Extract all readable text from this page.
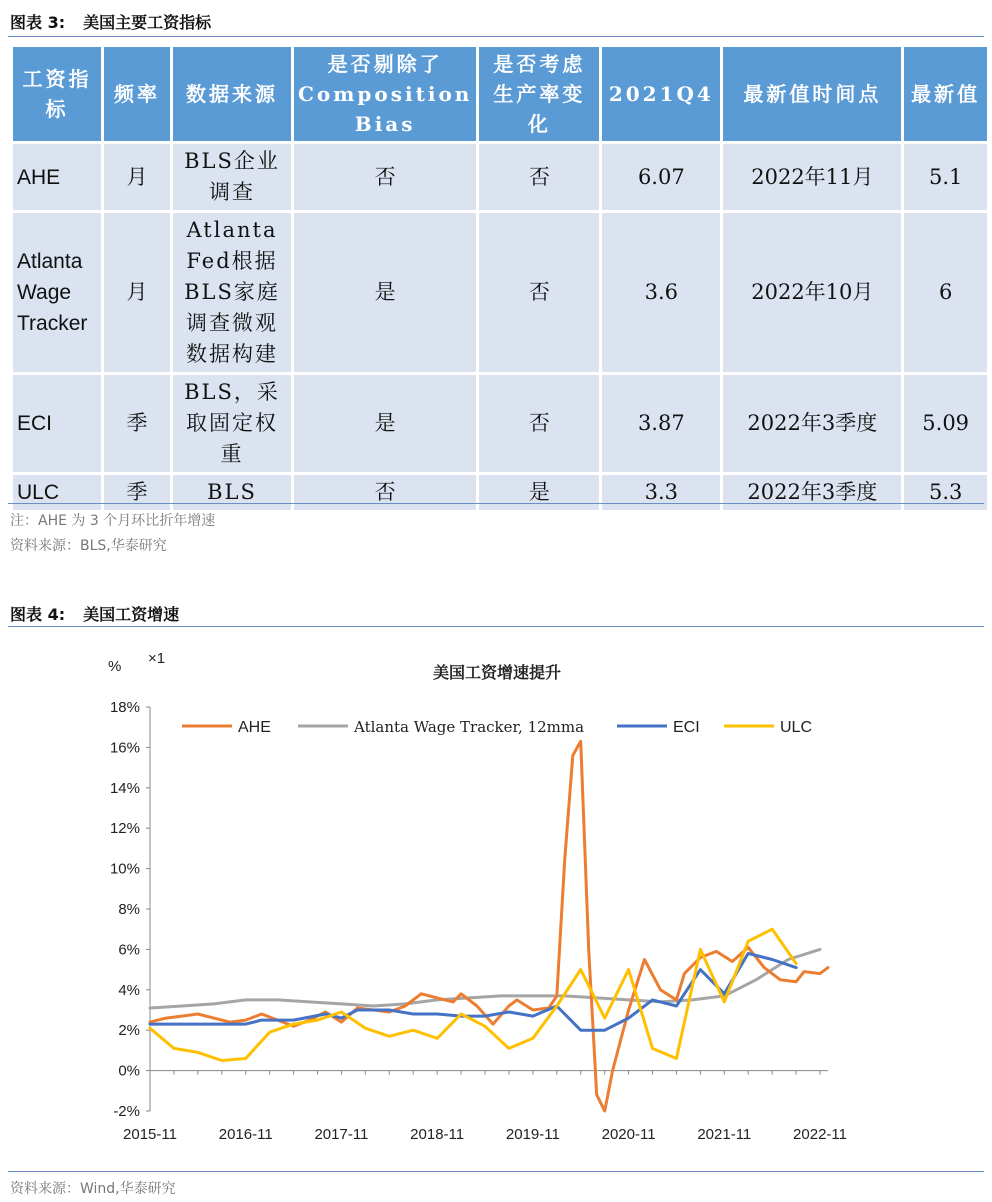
图表 3: 美国主要工资指标
工资指标	频率	数据来源	是否剔除了Composition Bias	是否考虑生产率变化	2021Q4	最新值时间点	最新值
AHE	月	BLS企业调查	否	否	6.07	2022年11月	5.1
Atlanta Wage Tracker	月	Atlanta Fed根据BLS家庭调查微观数据构建	是	否	3.6	2022年10月	6
ECI	季	BLS，采取固定权重	是	否	3.87	2022年3季度	5.09
ULC	季	BLS	否	是	3.3	2022年3季度	5.3
注：AHE 为 3 个月环比折年增速
资料来源：BLS,华泰研究
图表 4: 美国工资增速
% ×1
美国工资增速提升
-2%
0%
2%
4%
6%
8%
10%
12%
14%
16%
18%
2015-11	2016-11	2017-11	2018-11	2019-11	2020-11	2021-11	2022-11
AHE	Atlanta Wage Tracker, 12mma	ECI	ULC
资料来源：Wind,华泰研究
